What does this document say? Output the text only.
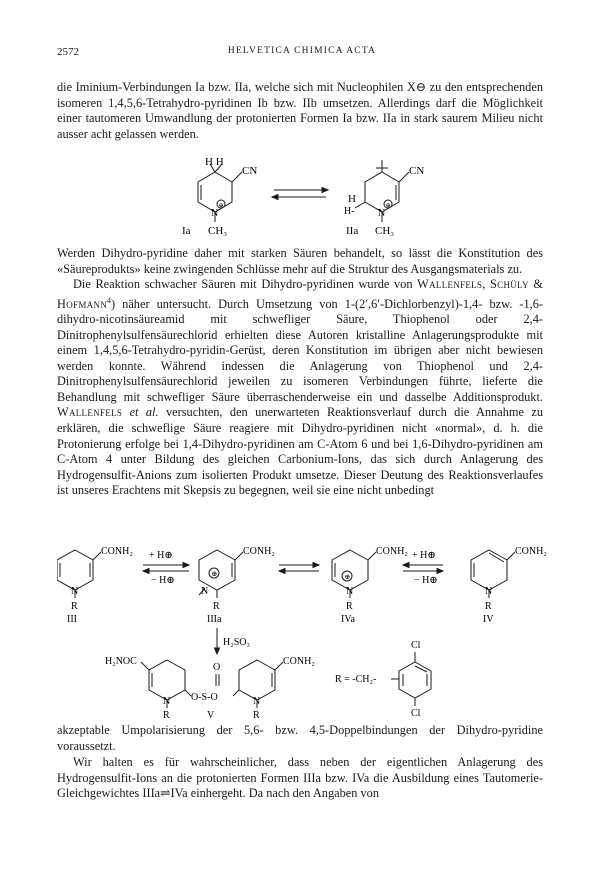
2572	HELVETICA CHIMICA ACTA

die Iminium-Verbindungen Ia bzw. IIa, welche sich mit Nucleophilen X⊖ zu den entsprechenden isomeren 1,4,5,6-Tetrahydro-pyridinen Ib bzw. IIb umsetzen. Allerdings darf die Möglichkeit einer tautomeren Umwandlung der protonierten Formen Ia bzw. IIa in stark saurem Milieu nicht ausser acht gelassen werden.

H H
CN
N
⊕
Ia CH₃
CN
H
H- N
⊕
IIa CH₃

Werden Dihydro-pyridine daher mit starken Säuren behandelt, so lässt die Konstitution des «Säureprodukts» keine zwingenden Schlüsse mehr auf die Struktur des Ausgangsmaterials zu.

Die Reaktion schwacher Säuren mit Dihydro-pyridinen wurde von Wallenfels, Schüly & Hofmann$^4$) näher untersucht. Durch Umsetzung von 1-(2′,6′-Dichlorbenzyl)-1,4- bzw. -1,6-dihydro-nicotinsäureamid mit schwefliger Säure, Thiophenol oder 2,4-Dinitrophenylsulfensäurechlorid erhielten diese Autoren kristalline Anlagerungsprodukte mit einem 1,4,5,6-Tetrahydro-pyridin-Gerüst, deren Konstitution im übrigen aber nicht bewiesen werden konnte. Während indessen die Anlagerung von Thiophenol und 2,4-Dinitrophenylsulfensäurechlorid jeweilen zu isomeren Verbindungen führte, lieferte die Behandlung mit schwefliger Säure überraschenderweise ein und dasselbe Additionsprodukt. Wallenfels et al. versuchten, den unerwarteten Reaktionsverlauf durch die Annahme zu erklären, die schweflige Säure reagiere mit Dihydro-pyridinen nicht «normal», d. h. die Protonierung erfolge bei 1,4-Dihydro-pyridinen am C-Atom 6 und bei 1,6-Dihydro-pyridinen am C-Atom 4 unter Bildung des gleichen Carbonium-Ions, das sich durch Anlagerung des Hydrogensulfit-Anions zum isolierten Produkt umsetze. Dieser Deutung des Reaktionsverlaufes ist unseres Erachtens mit Skepsis zu begegnen, weil sie eine nicht unbedingt

CONH₂
N
R
III
+ H⊕
− H⊕
CONH₂
⊕
N
R
IIIa
CONH₂
⊕
N
R
IVa
+ H⊕
− H⊕
CONH₂
N
R
IV
H₂SO₃
H₂NOC	CONH₂
O
O-S-O
N	N
R	R
V
R = -CH₂-
Cl
Cl

akzeptable Umpolarisierung der 5,6- bzw. 4,5-Doppelbindungen der Dihydro-pyridine voraussetzt.

Wir halten es für wahrscheinlicher, dass neben der eigentlichen Anlagerung des Hydrogensulfit-Ions an die protonierten Formen IIIa bzw. IVa die Ausbildung eines Tautomerie-Gleichgewichtes IIIa⇌IVa einhergeht. Da nach den Angaben von
